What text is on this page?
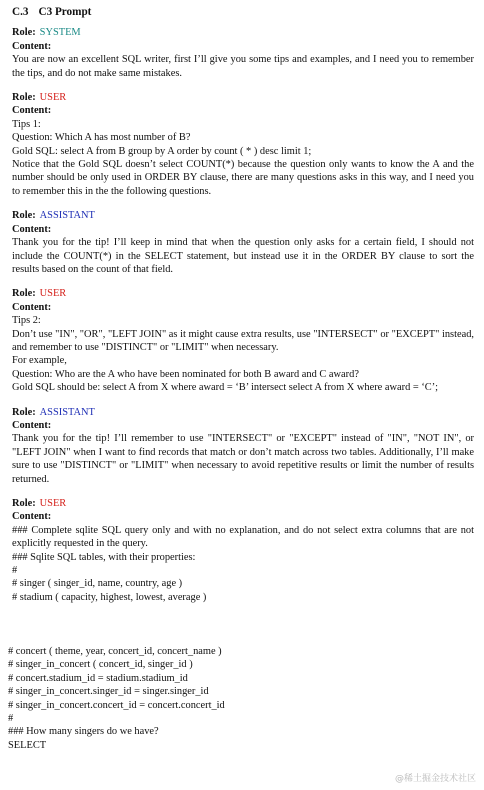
C.3 C3 Prompt
Role: SYSTEM
Content:
You are now an excellent SQL writer, first I’ll give you some tips and examples, and I need you to remember the tips, and do not make same mistakes.
Role: USER
Content:
Tips 1:
Question: Which A has most number of B?
Gold SQL: select A from B group by A order by count ( * ) desc limit 1;
Notice that the Gold SQL doesn’t select COUNT(*) because the question only wants to know the A and the number should be only used in ORDER BY clause, there are many questions asks in this way, and I need you to remember this in the the following questions.
Role: ASSISTANT
Content:
Thank you for the tip! I’ll keep in mind that when the question only asks for a certain field, I should not include the COUNT(*) in the SELECT statement, but instead use it in the ORDER BY clause to sort the results based on the count of that field.
Role: USER
Content:
Tips 2:
Don’t use "IN", "OR", "LEFT JOIN" as it might cause extra results, use "INTERSECT" or "EXCEPT" instead, and remember to use "DISTINCT" or "LIMIT" when necessary.
For example,
Question: Who are the A who have been nominated for both B award and C award?
Gold SQL should be: select A from X where award = ‘B’ intersect select A from X where award = ‘C’;
Role: ASSISTANT
Content:
Thank you for the tip! I’ll remember to use "INTERSECT" or "EXCEPT" instead of "IN", "NOT IN", or "LEFT JOIN" when I want to find records that match or don’t match across two tables. Additionally, I’ll make sure to use "DISTINCT" or "LIMIT" when necessary to avoid repetitive results or limit the number of results returned.
Role: USER
Content:
### Complete sqlite SQL query only and with no explanation, and do not select extra columns that are not explicitly requested in the query.
### Sqlite SQL tables, with their properties:
#
# singer ( singer_id, name, country, age )
# stadium ( capacity, highest, lowest, average )
# concert ( theme, year, concert_id, concert_name )
# singer_in_concert ( concert_id, singer_id )
# concert.stadium_id = stadium.stadium_id
# singer_in_concert.singer_id = singer.singer_id
# singer_in_concert.concert_id = concert.concert_id
#
### How many singers do we have?
SELECT
@稀土掘金技术社区
